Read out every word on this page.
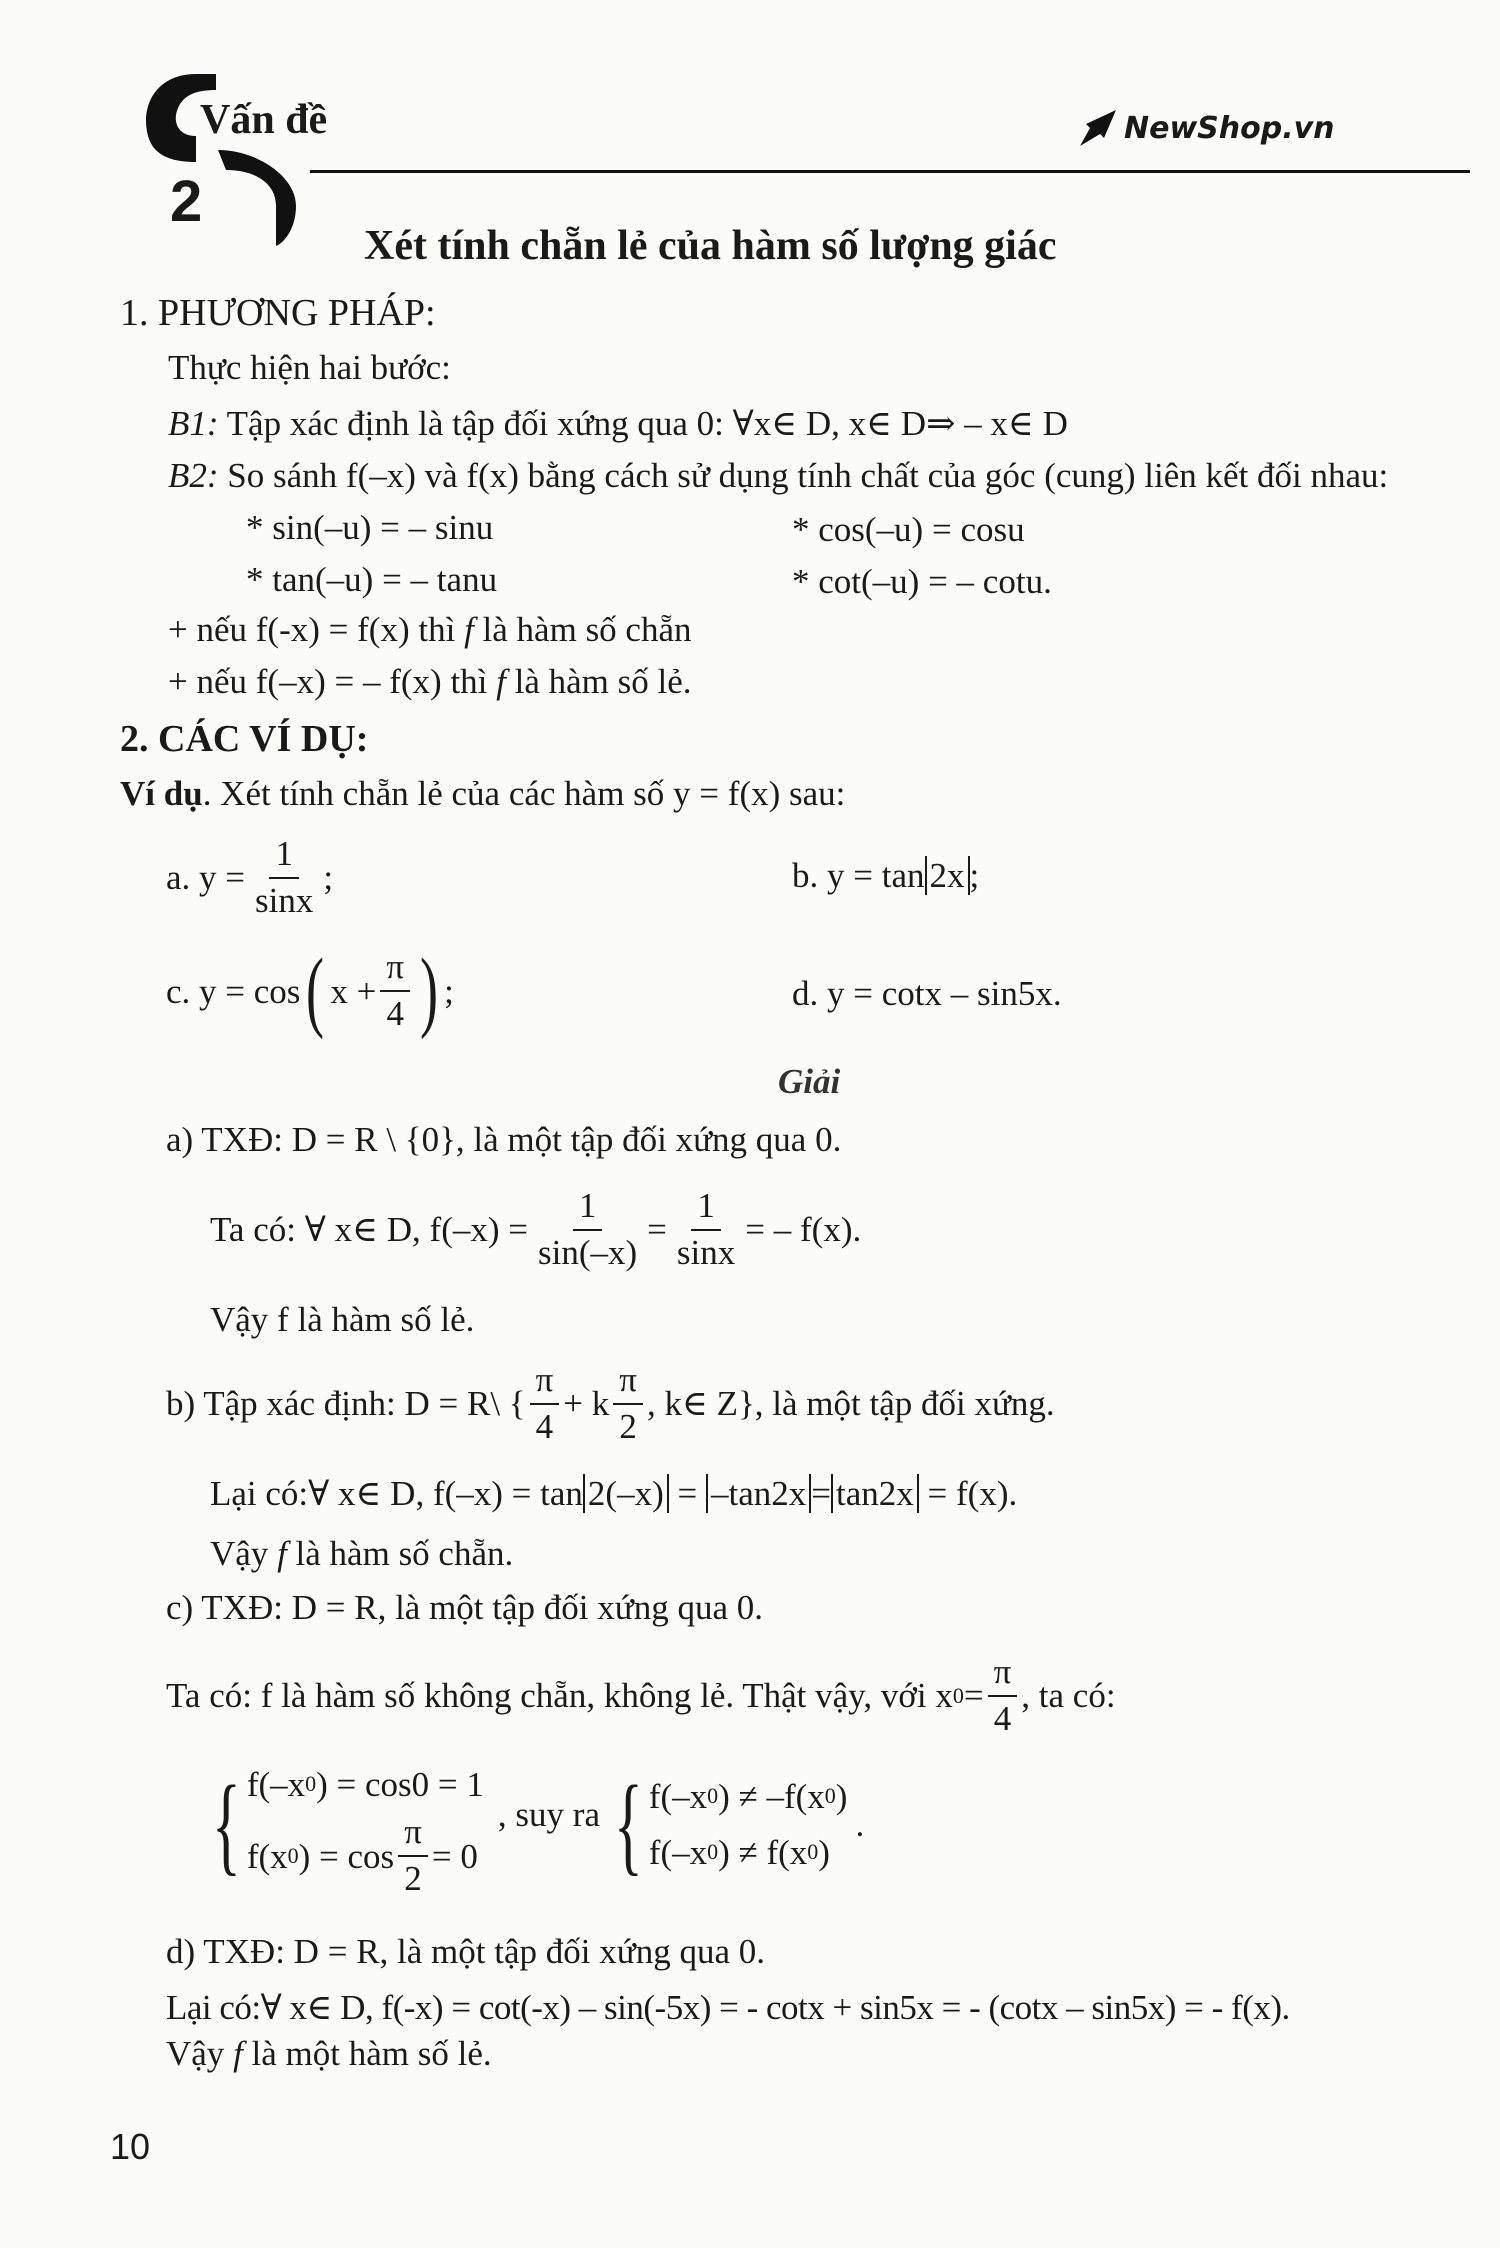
Vấn đề
2
NewShop.vn
Xét tính chẵn lẻ của hàm số lượng giác
1. PHƯƠNG PHÁP:
Thực hiện hai bước:
B1: Tập xác định là tập đối xứng qua 0: ∀x∈ D, x∈ D⇒ – x∈ D
B2: So sánh f(–x) và f(x) bằng cách sử dụng tính chất của góc (cung) liên kết đối nhau:
* sin(–u) = – sinu	* cos(–u) = cosu
* tan(–u) = – tanu	* cot(–u) = – cotu.
+ nếu f(-x) = f(x) thì f là hàm số chẵn
+ nếu f(–x) = – f(x) thì f là hàm số lẻ.
2. CÁC VÍ DỤ:
Ví dụ. Xét tính chẵn lẻ của các hàm số y = f(x) sau:
a. $y = \frac{1}{\sin x}$ ;	b. y = tan 2x ;
c. y = cos ( $x + \frac{\pi}{4}$ ) ;	d. y = cotx – sin5x.
Giải
a) TXĐ: D = R \ {0}, là một tập đối xứng qua 0.
Ta có: ∀ x∈ D, $f(-x) = \frac{1}{\sin(-x)} = \frac{1}{\sin x}$ = – f(x).
Vậy f là hàm số lẻ.
b) Tập xác định: D = R\ { $\frac{\pi}{4} + k \frac{\pi}{2}$ , k∈ Z}, là một tập đối xứng.
Lại có:∀ x∈ D, f(–x) = tan 2(–x) = –tan2x = tan2x = f(x).
Vậy f là hàm số chẵn.
c) TXĐ: D = R, là một tập đối xứng qua 0.
Ta có: f là hàm số không chẵn, không lẻ. Thật vậy, với x $0 = \frac{\pi}{4}$ , ta có:
{ f(–x 0 ) = cos0 = 1
f(x 0 ) = $\cos \frac{\pi}{2} = 0$
, suy ra { f(–x 0 ) ≠ –f(x 0 )
f(–x 0 ) ≠ f(x 0 )
.
d) TXĐ: D = R, là một tập đối xứng qua 0.
Lại có:∀ x∈ D, f(-x) = cot(-x) – sin(-5x) = - cotx + sin5x = - (cotx – sin5x) = - f(x).
Vậy f là một hàm số lẻ.
10
